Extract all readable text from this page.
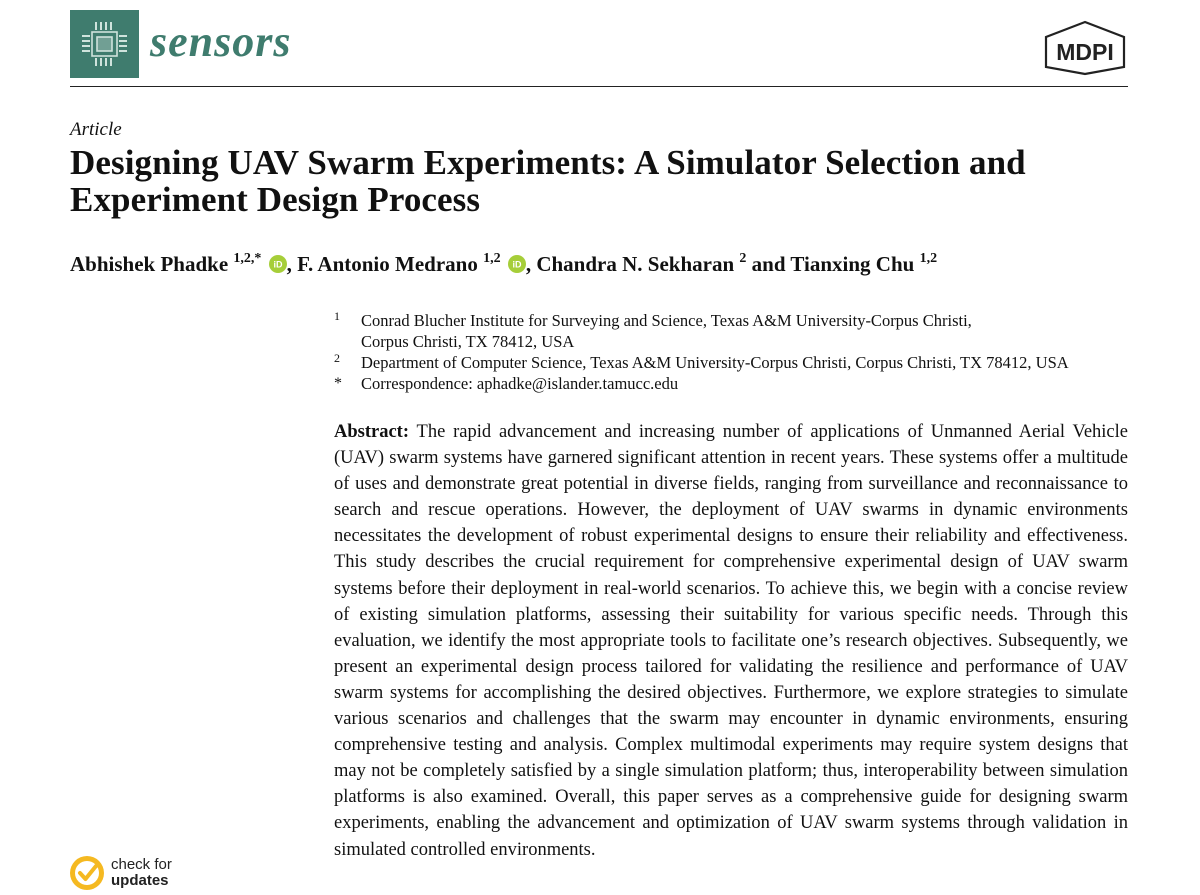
sensors	MDPI
Article
Designing UAV Swarm Experiments: A Simulator Selection and Experiment Design Process
Abhishek Phadke $^{1,2,*}$ iD , F. Antonio Medrano $^{1,2}$ iD , Chandra N. Sekharan $^2$ and Tianxing Chu $^{1,2}$
1 Conrad Blucher Institute for Surveying and Science, Texas A&M University-Corpus Christi,
Corpus Christi, TX 78412, USA
2 Department of Computer Science, Texas A&M University-Corpus Christi, Corpus Christi, TX 78412, USA
* Correspondence: aphadke@islander.tamucc.edu
Abstract: The rapid advancement and increasing number of applications of Unmanned Aerial Vehicle (UAV) swarm systems have garnered significant attention in recent years. These systems offer a multitude of uses and demonstrate great potential in diverse fields, ranging from surveillance and reconnaissance to search and rescue operations. However, the deployment of UAV swarms in dynamic environments necessitates the development of robust experimental designs to ensure their reliability and effectiveness. This study describes the crucial requirement for comprehensive experimental design of UAV swarm systems before their deployment in real-world scenarios. To achieve this, we begin with a concise review of existing simulation platforms, assessing their suitability for various specific needs. Through this evaluation, we identify the most appropriate tools to facilitate one’s research objectives. Subsequently, we present an experimental design process tailored for validating the resilience and performance of UAV swarm systems for accomplishing the desired objectives. Furthermore, we explore strategies to simulate various scenarios and challenges that the swarm may encounter in dynamic environments, ensuring comprehensive testing and analysis. Complex multimodal experiments may require system designs that may not be completely satisfied by a single simulation platform; thus, interoperability between simulation platforms is also examined. Overall, this paper serves as a comprehensive guide for designing swarm experiments, enabling the advancement and optimization of UAV swarm systems through validation in simulated controlled environments.
check for
updates
